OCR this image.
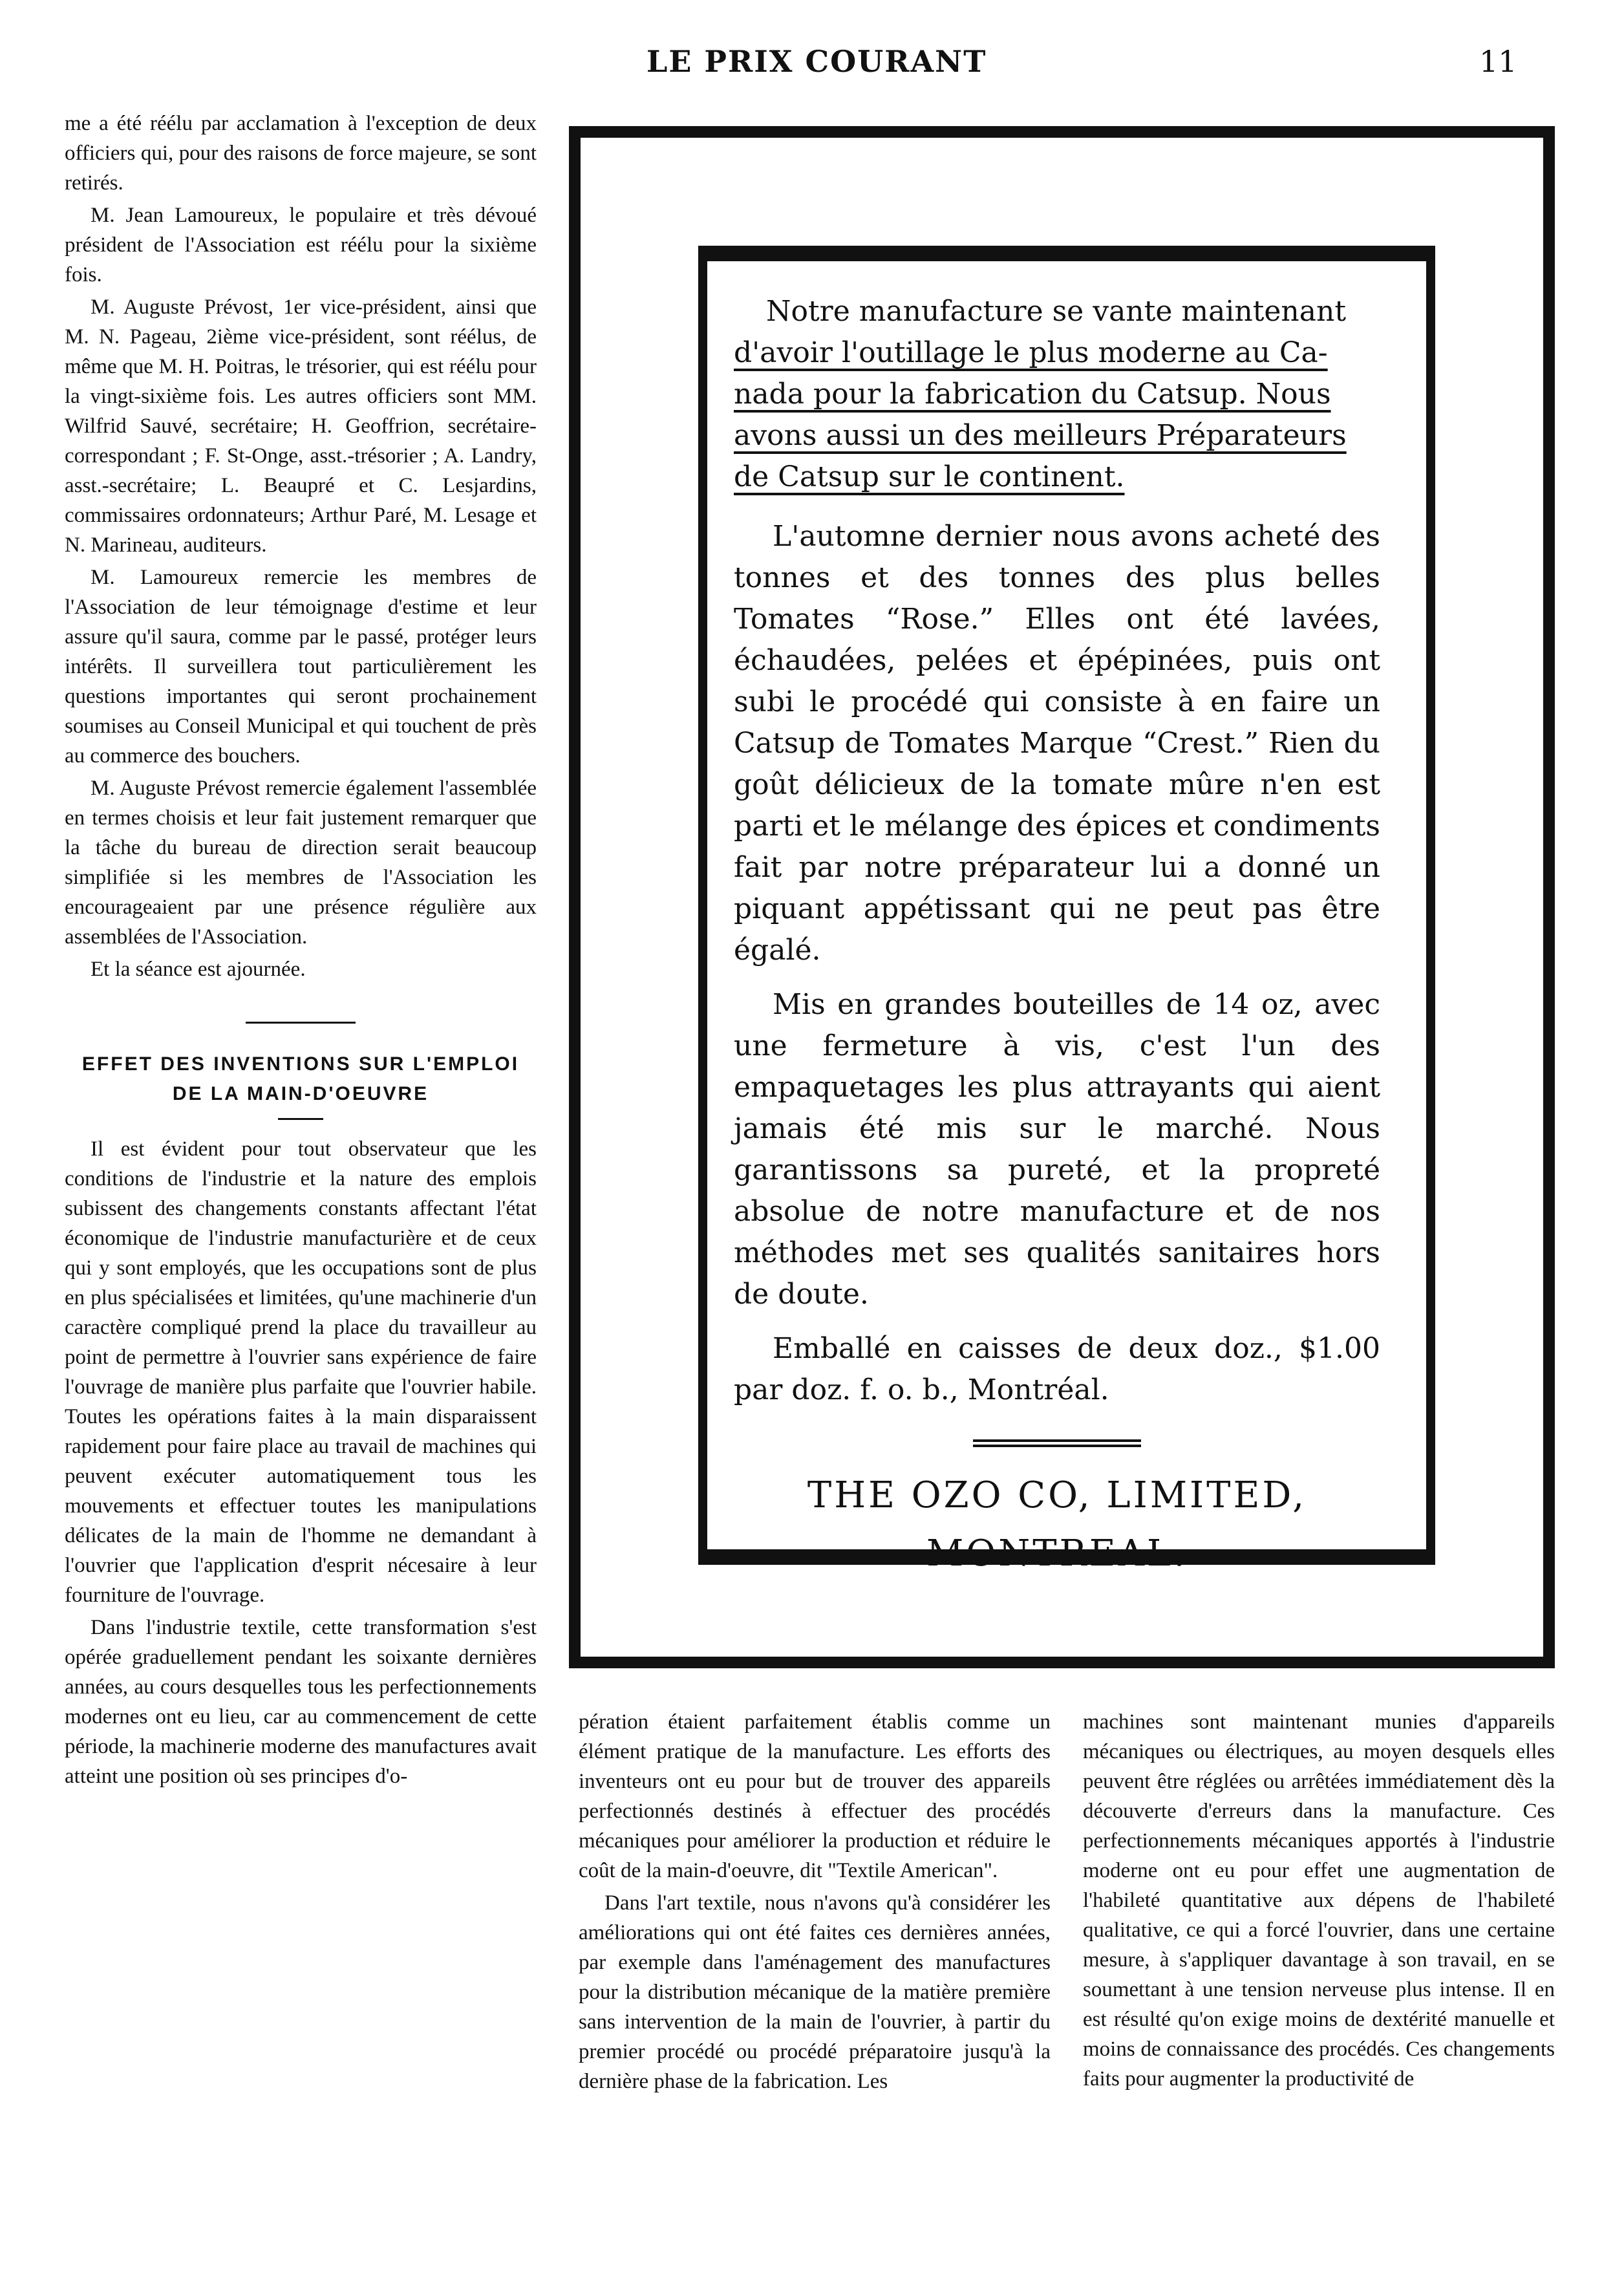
LE PRIX COURANT	11

me a été réélu par acclamation à l'exception de deux officiers qui, pour des raisons de force majeure, se sont retirés.

M. Jean Lamoureux, le populaire et très dévoué président de l'Association est réélu pour la sixième fois.

M. Auguste Prévost, 1er vice-président, ainsi que M. N. Pageau, 2ième vice-président, sont réélus, de même que M. H. Poitras, le trésorier, qui est réélu pour la vingt-sixième fois. Les autres officiers sont MM. Wilfrid Sauvé, secrétaire; H. Geoffrion, secrétaire-correspondant ; F. St-Onge, asst.-trésorier ; A. Landry, asst.-secrétaire; L. Beaupré et C. Lesjardins, commissaires ordonnateurs; Arthur Paré, M. Lesage et N. Marineau, auditeurs.

M. Lamoureux remercie les membres de l'Association de leur témoignage d'estime et leur assure qu'il saura, comme par le passé, protéger leurs intérêts. Il surveillera tout particulièrement les questions importantes qui seront prochainement soumises au Conseil Municipal et qui touchent de près au commerce des bouchers.

M. Auguste Prévost remercie également l'assemblée en termes choisis et leur fait justement remarquer que la tâche du bureau de direction serait beaucoup simplifiée si les membres de l'Association les encourageaient par une présence régulière aux assemblées de l'Association.

Et la séance est ajournée.

EFFET DES INVENTIONS SUR L'EMPLOI DE LA MAIN-D'OEUVRE

Il est évident pour tout observateur que les conditions de l'industrie et la nature des emplois subissent des changements constants affectant l'état économique de l'industrie manufacturière et de ceux qui y sont employés, que les occupations sont de plus en plus spécialisées et limitées, qu'une machinerie d'un caractère compliqué prend la place du travailleur au point de permettre à l'ouvrier sans expérience de faire l'ouvrage de manière plus parfaite que l'ouvrier habile. Toutes les opérations faites à la main disparaissent rapidement pour faire place au travail de machines qui peuvent exécuter automatiquement tous les mouvements et effectuer toutes les manipulations délicates de la main de l'homme ne demandant à l'ouvrier que l'application d'esprit nécesaire à leur fourniture de l'ouvrage.

Dans l'industrie textile, cette transformation s'est opérée graduellement pendant les soixante dernières années, au cours desquelles tous les perfectionnements modernes ont eu lieu, car au commencement de cette période, la machinerie moderne des manufactures avait atteint une position où ses principes d'o-

Notre manufacture se vante maintenant
d'avoir l'outillage le plus moderne au Ca-
nada pour la fabrication du Catsup. Nous
avons aussi un des meilleurs Préparateurs
de Catsup sur le continent.

L'automne dernier nous avons acheté des tonnes et des tonnes des plus belles Tomates “Rose.” Elles ont été lavées, échaudées, pelées et épépinées, puis ont subi le procédé qui consiste à en faire un Catsup de Tomates Marque “Crest.” Rien du goût délicieux de la tomate mûre n'en est parti et le mélange des épices et condiments fait par notre préparateur lui a donné un piquant appétissant qui ne peut pas être égalé.

Mis en grandes bouteilles de 14 oz, avec une fermeture à vis, c'est l'un des empaquetages les plus attrayants qui aient jamais été mis sur le marché. Nous garantissons sa pureté, et la propreté absolue de notre manufacture et de nos méthodes met ses qualités sanitaires hors de doute.

Emballé en caisses de deux doz., $1.00 par doz. f. o. b., Montréal.

THE OZO CO, LIMITED,
MONTREAL.

pération étaient parfaitement établis comme un élément pratique de la manufacture. Les efforts des inventeurs ont eu pour but de trouver des appareils perfectionnés destinés à effectuer des procédés mécaniques pour améliorer la production et réduire le coût de la main-d'oeuvre, dit "Textile American".

Dans l'art textile, nous n'avons qu'à considérer les améliorations qui ont été faites ces dernières années, par exemple dans l'aménagement des manufactures pour la distribution mécanique de la matière première sans intervention de la main de l'ouvrier, à partir du premier procédé ou procédé préparatoire jusqu'à la dernière phase de la fabrication. Les

machines sont maintenant munies d'appareils mécaniques ou électriques, au moyen desquels elles peuvent être réglées ou arrêtées immédiatement dès la découverte d'erreurs dans la manufacture. Ces perfectionnements mécaniques apportés à l'industrie moderne ont eu pour effet une augmentation de l'habileté quantitative aux dépens de l'habileté qualitative, ce qui a forcé l'ouvrier, dans une certaine mesure, à s'appliquer davantage à son travail, en se soumettant à une tension nerveuse plus intense. Il en est résulté qu'on exige moins de dextérité manuelle et moins de connaissance des procédés. Ces changements faits pour augmenter la productivité de
